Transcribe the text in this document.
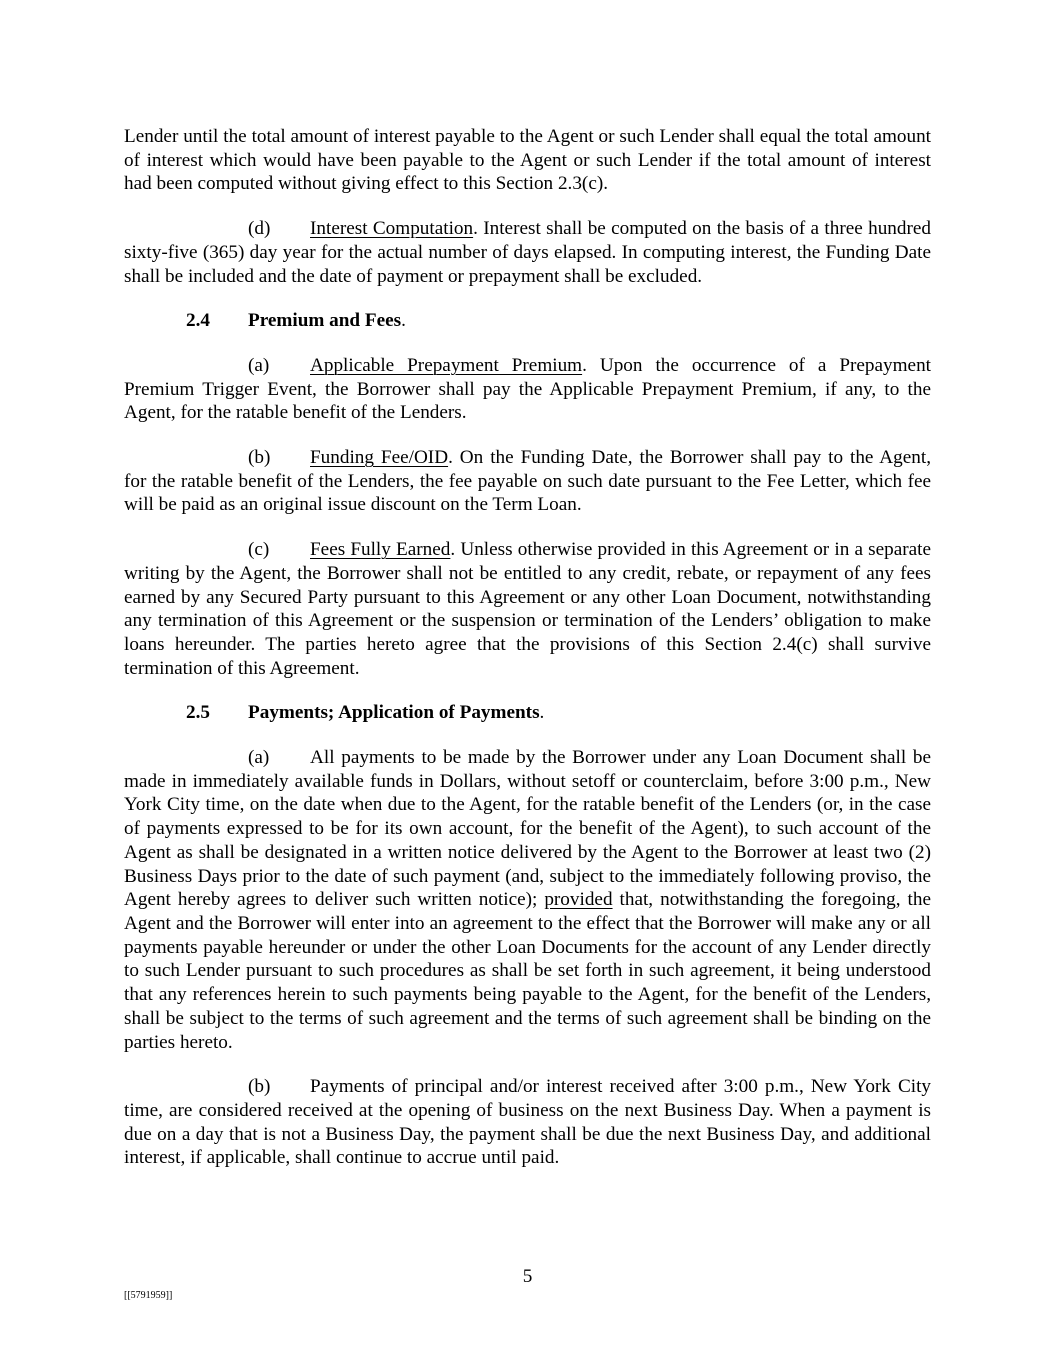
Lender until the total amount of interest payable to the Agent or such Lender shall equal the total amount of interest which would have been payable to the Agent or such Lender if the total amount of interest had been computed without giving effect to this Section 2.3(c).

(d) Interest Computation. Interest shall be computed on the basis of a three hundred sixty-five (365) day year for the actual number of days elapsed. In computing interest, the Funding Date shall be included and the date of payment or prepayment shall be excluded.

2.4 Premium and Fees.

(a) Applicable Prepayment Premium. Upon the occurrence of a Prepayment Premium Trigger Event, the Borrower shall pay the Applicable Prepayment Premium, if any, to the Agent, for the ratable benefit of the Lenders.

(b) Funding Fee/OID. On the Funding Date, the Borrower shall pay to the Agent, for the ratable benefit of the Lenders, the fee payable on such date pursuant to the Fee Letter, which fee will be paid as an original issue discount on the Term Loan.

(c) Fees Fully Earned. Unless otherwise provided in this Agreement or in a separate writing by the Agent, the Borrower shall not be entitled to any credit, rebate, or repayment of any fees earned by any Secured Party pursuant to this Agreement or any other Loan Document, notwithstanding any termination of this Agreement or the suspension or termination of the Lenders’ obligation to make loans hereunder. The parties hereto agree that the provisions of this Section 2.4(c) shall survive termination of this Agreement.

2.5 Payments; Application of Payments.

(a) All payments to be made by the Borrower under any Loan Document shall be made in immediately available funds in Dollars, without setoff or counterclaim, before 3:00 p.m., New York City time, on the date when due to the Agent, for the ratable benefit of the Lenders (or, in the case of payments expressed to be for its own account, for the benefit of the Agent), to such account of the Agent as shall be designated in a written notice delivered by the Agent to the Borrower at least two (2) Business Days prior to the date of such payment (and, subject to the immediately following proviso, the Agent hereby agrees to deliver such written notice); provided that, notwithstanding the foregoing, the Agent and the Borrower will enter into an agreement to the effect that the Borrower will make any or all payments payable hereunder or under the other Loan Documents for the account of any Lender directly to such Lender pursuant to such procedures as shall be set forth in such agreement, it being understood that any references herein to such payments being payable to the Agent, for the benefit of the Lenders, shall be subject to the terms of such agreement and the terms of such agreement shall be binding on the parties hereto.

(b) Payments of principal and/or interest received after 3:00 p.m., New York City time, are considered received at the opening of business on the next Business Day. When a payment is due on a day that is not a Business Day, the payment shall be due the next Business Day, and additional interest, if applicable, shall continue to accrue until paid.

5
[[5791959]]
